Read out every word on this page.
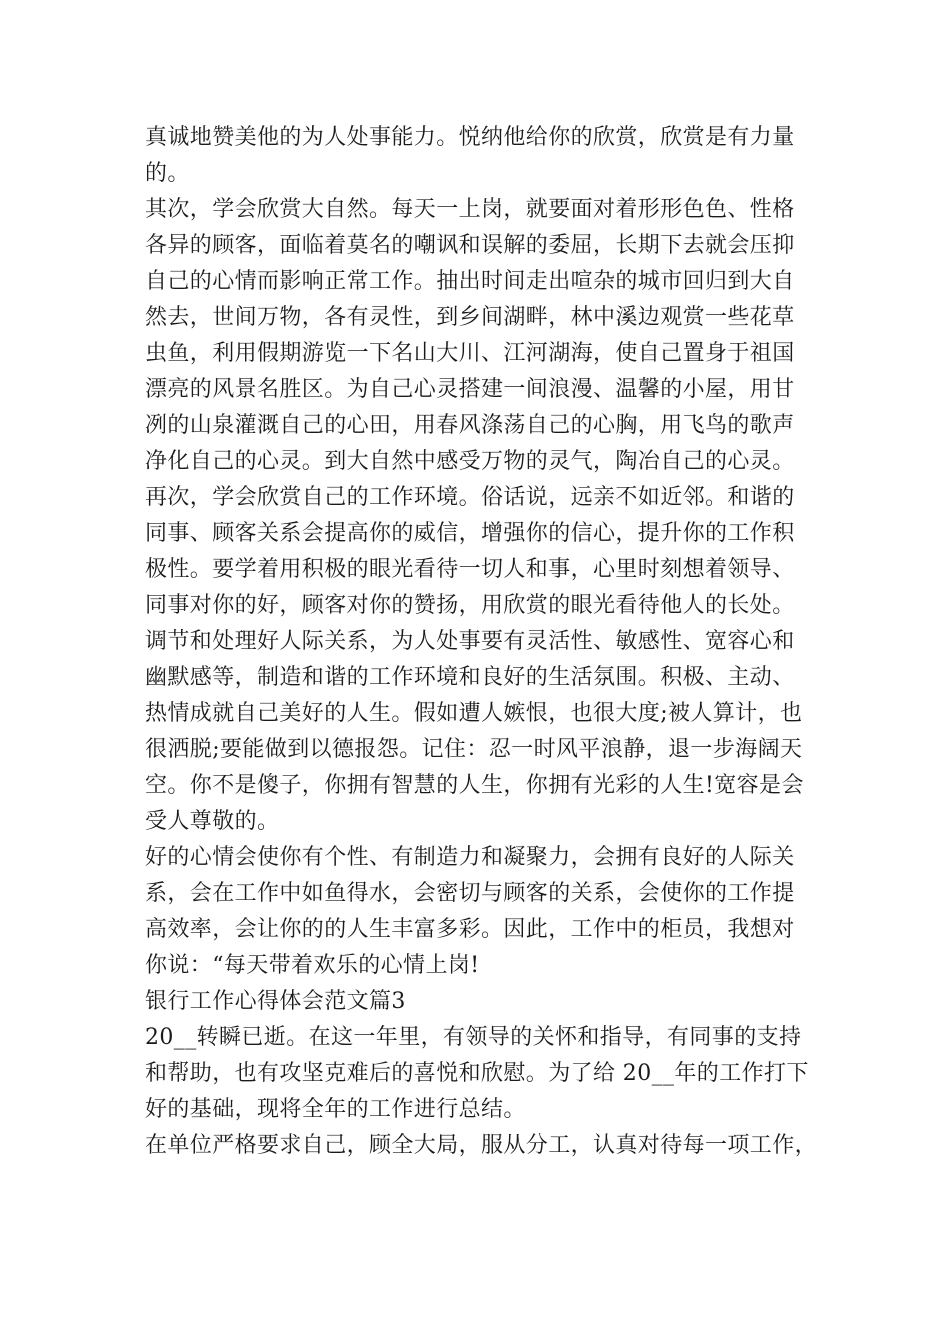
真诚地赞美他的为人处事能力。悦纳他给你的欣赏，欣赏是有力量
的。
其次，学会欣赏大自然。每天一上岗，就要面对着形形色色、性格
各异的顾客，面临着莫名的嘲讽和误解的委屈，长期下去就会压抑
自己的心情而影响正常工作。抽出时间走出喧杂的城市回归到大自
然去，世间万物，各有灵性，到乡间湖畔，林中溪边观赏一些花草
虫鱼，利用假期游览一下名山大川、江河湖海，使自己置身于祖国
漂亮的风景名胜区。为自己心灵搭建一间浪漫、温馨的小屋，用甘
冽的山泉灌溉自己的心田，用春风涤荡自己的心胸，用飞鸟的歌声
净化自己的心灵。到大自然中感受万物的灵气，陶冶自己的心灵。
再次，学会欣赏自己的工作环境。俗话说，远亲不如近邻。和谐的
同事、顾客关系会提高你的威信，增强你的信心，提升你的工作积
极性。要学着用积极的眼光看待一切人和事，心里时刻想着领导、
同事对你的好，顾客对你的赞扬，用欣赏的眼光看待他人的长处。
调节和处理好人际关系，为人处事要有灵活性、敏感性、宽容心和
幽默感等，制造和谐的工作环境和良好的生活氛围。积极、主动、
热情成就自己美好的人生。假如遭人嫉恨，也很大度;被人算计，也
很洒脱;要能做到以德报怨。记住：忍一时风平浪静，退一步海阔天
空。你不是傻子，你拥有智慧的人生，你拥有光彩的人生!宽容是会
受人尊敬的。
好的心情会使你有个性、有制造力和凝聚力，会拥有良好的人际关
系，会在工作中如鱼得水，会密切与顾客的关系，会使你的工作提
高效率，会让你的的人生丰富多彩。因此，工作中的柜员，我想对
你说：“每天带着欢乐的心情上岗!
银行工作心得体会范文篇3
20__转瞬已逝。在这一年里，有领导的关怀和指导，有同事的支持
和帮助，也有攻坚克难后的喜悦和欣慰。为了给 20__年的工作打下
好的基础，现将全年的工作进行总结。
在单位严格要求自己，顾全大局，服从分工，认真对待每一项工作，
